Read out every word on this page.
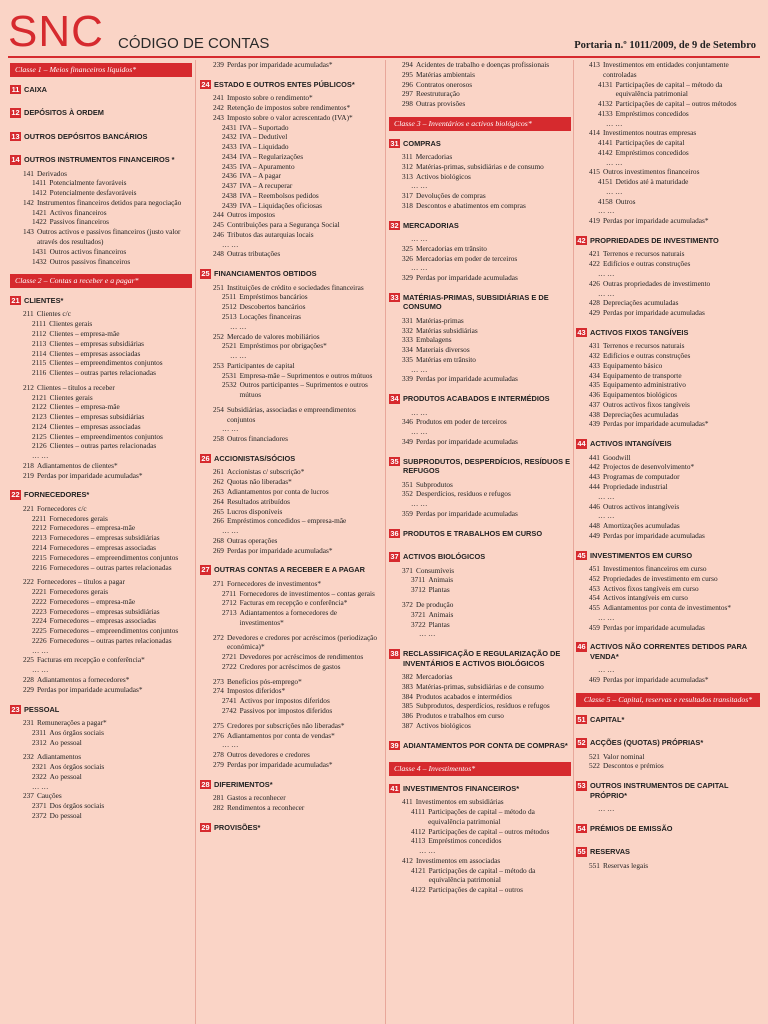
SNC CÓDIGO DE CONTAS	Portaria n.º 1011/2009, de 9 de Setembro
Classe 1 – Meios financeiros líquidos*
11 CAIXA
12 DEPÓSITOS À ORDEM
13 OUTROS DEPÓSITOS BANCÁRIOS
14 OUTROS INSTRUMENTOS FINANCEIROS *
141 Derivados
1411 Potencialmente favoráveis
1412 Potencialmente desfavoráveis
142 Instrumentos financeiros detidos para negociação
1421 Activos financeiros
1422 Passivos financeiros
143 Outros activos e passivos financeiros (justo valor através dos resultados)
1431 Outros activos financeiros
1432 Outros passivos financeiros
Classe 2 – Contas a receber e a pagar*
21 CLIENTES*
211 Clientes c/c
2111 Clientes gerais
2112 Clientes – empresa-mãe
2113 Clientes – empresas subsidiárias
2114 Clientes – empresas associadas
2115 Clientes – empreendimentos conjuntos
2116 Clientes – outras partes relacionadas
212 Clientes – títulos a receber
2121 Clientes gerais
2122 Clientes – empresa-mãe
2123 Clientes – empresas subsidiárias
2124 Clientes – empresas associadas
2125 Clientes – empreendimentos conjuntos
2126 Clientes – outras partes relacionadas
… …
218 Adiantamentos de clientes*
219 Perdas por imparidade acumuladas*
22 FORNECEDORES*
221 Fornecedores c/c
2211 Fornecedores gerais
2212 Fornecedores – empresa-mãe
2213 Fornecedores – empresas subsidiárias
2214 Fornecedores – empresas associadas
2215 Fornecedores – empreendimentos conjuntos
2216 Fornecedores – outras partes relacionadas
222 Fornecedores – títulos a pagar
2221 Fornecedores gerais
2222 Fornecedores – empresa-mãe
2223 Fornecedores – empresas subsidiárias
2224 Fornecedores – empresas associadas
2225 Fornecedores – empreendimentos conjuntos
2226 Fornecedores – outras partes relacionadas
… …
225 Facturas em recepção e conferência*
… …
228 Adiantamentos a fornecedores*
229 Perdas por imparidade acumuladas*
23 PESSOAL
231 Remunerações a pagar*
2311 Aos órgãos sociais
2312 Ao pessoal
232 Adiantamentos
2321 Aos órgãos sociais
2322 Ao pessoal
… …
237 Cauções
2371 Dos órgãos sociais
2372 Do pessoal
239 Perdas por imparidade acumuladas*
24 ESTADO E OUTROS ENTES PÚBLICOS*
241 Imposto sobre o rendimento*
242 Retenção de impostos sobre rendimentos*
243 Imposto sobre o valor acrescentado (IVA)*
2431 IVA – Suportado
2432 IVA – Dedutível
2433 IVA – Liquidado
2434 IVA – Regularizações
2435 IVA – Apuramento
2436 IVA – A pagar
2437 IVA – A recuperar
2438 IVA – Reembolsos pedidos
2439 IVA – Liquidações oficiosas
244 Outros impostos
245 Contribuições para a Segurança Social
246 Tributos das autarquias locais
… …
248 Outras tributações
25 FINANCIAMENTOS OBTIDOS
251 Instituições de crédito e sociedades financeiras
2511 Empréstimos bancários
2512 Descobertos bancários
2513 Locações financeiras
… …
252 Mercado de valores mobiliários
2521 Empréstimos por obrigações*
… …
253 Participantes de capital
2531 Empresa-mãe – Suprimentos e outros mútuos
2532 Outros participantes – Suprimentos e outros mútuos
254 Subsidiárias, associadas e empreendimentos conjuntos
… …
258 Outros financiadores
26 ACCIONISTAS/SÓCIOS
261 Accionistas c/ subscrição*
262 Quotas não liberadas*
263 Adiantamentos por conta de lucros
264 Resultados atribuídos
265 Lucros disponíveis
266 Empréstimos concedidos – empresa-mãe
… …
268 Outras operações
269 Perdas por imparidade acumuladas*
27 OUTRAS CONTAS A RECEBER E A PAGAR
271 Fornecedores de investimentos*
2711 Fornecedores de investimentos – contas gerais
2712 Facturas em recepção e conferência*
2713 Adiantamentos a fornecedores de investimentos*
272 Devedores e credores por acréscimos (periodização económica)*
2721 Devedores por acréscimos de rendimentos
2722 Credores por acréscimos de gastos
273 Benefícios pós-emprego*
274 Impostos diferidos*
2741 Activos por impostos diferidos
2742 Passivos por impostos diferidos
275 Credores por subscrições não liberadas*
276 Adiantamentos por conta de vendas*
… …
278 Outros devedores e credores
279 Perdas por imparidade acumuladas*
28 DIFERIMENTOS*
281 Gastos a reconhecer
282 Rendimentos a reconhecer
29 PROVISÕES*
294 Acidentes de trabalho e doenças profissionais
295 Matérias ambientais
296 Contratos onerosos
297 Reestruturação
298 Outras provisões
Classe 3 – Inventários e activos biológicos*
31 COMPRAS
311 Mercadorias
312 Matérias-primas, subsidiárias e de consumo
313 Activos biológicos
… …
317 Devoluções de compras
318 Descontos e abatimentos em compras
32 MERCADORIAS
… …
325 Mercadorias em trânsito
326 Mercadorias em poder de terceiros
… …
329 Perdas por imparidade acumuladas
33 MATÉRIAS-PRIMAS, SUBSIDIÁRIAS E DE CONSUMO
331 Matérias-primas
332 Matérias subsidiárias
333 Embalagens
334 Materiais diversos
335 Matérias em trânsito
… …
339 Perdas por imparidade acumuladas
34 PRODUTOS ACABADOS E INTERMÉDIOS
… …
346 Produtos em poder de terceiros
… …
349 Perdas por imparidade acumuladas
35 SUBPRODUTOS, DESPERDÍCIOS, RESÍDUOS E REFUGOS
351 Subprodutos
352 Desperdícios, resíduos e refugos
… …
359 Perdas por imparidade acumuladas
36 PRODUTOS E TRABALHOS EM CURSO
37 ACTIVOS BIOLÓGICOS
371 Consumíveis
3711 Animais
3712 Plantas
372 De produção
3721 Animais
3722 Plantas
… …
38 RECLASSIFICAÇÃO E REGULARIZAÇÃO DE INVENTÁRIOS E ACTIVOS BIOLÓGICOS
382 Mercadorias
383 Matérias-primas, subsidiárias e de consumo
384 Produtos acabados e intermédios
385 Subprodutos, desperdícios, resíduos e refugos
386 Produtos e trabalhos em curso
387 Activos biológicos
39 ADIANTAMENTOS POR CONTA DE COMPRAS*
Classe 4 – Investimentos*
41 INVESTIMENTOS FINANCEIROS*
411 Investimentos em subsidiárias
4111 Participações de capital – método da equivalência patrimonial
4112 Participações de capital – outros métodos
4113 Empréstimos concedidos
… …
412 Investimentos em associadas
4121 Participações de capital – método da equivalência patrimonial
4122 Participações de capital – outros
413 Investimentos em entidades conjuntamente controladas
4131 Participações de capital – método da equivalência patrimonial
4132 Participações de capital – outros métodos
4133 Empréstimos concedidos
… …
414 Investimentos noutras empresas
4141 Participações de capital
4142 Empréstimos concedidos
… …
415 Outros investimentos financeiros
4151 Detidos até à maturidade
… …
4158 Outros
… …
419 Perdas por imparidade acumuladas*
42 PROPRIEDADES DE INVESTIMENTO
421 Terrenos e recursos naturais
422 Edifícios e outras construções
… …
426 Outras propriedades de investimento
… …
428 Depreciações acumuladas
429 Perdas por imparidade acumuladas
43 ACTIVOS FIXOS TANGÍVEIS
431 Terrenos e recursos naturais
432 Edifícios e outras construções
433 Equipamento básico
434 Equipamento de transporte
435 Equipamento administrativo
436 Equipamentos biológicos
437 Outros activos fixos tangíveis
438 Depreciações acumuladas
439 Perdas por imparidade acumuladas*
44 ACTIVOS INTANGÍVEIS
441 Goodwill
442 Projectos de desenvolvimento*
443 Programas de computador
444 Propriedade industrial
… …
446 Outros activos intangíveis
… …
448 Amortizações acumuladas
449 Perdas por imparidade acumuladas
45 INVESTIMENTOS EM CURSO
451 Investimentos financeiros em curso
452 Propriedades de investimento em curso
453 Activos fixos tangíveis em curso
454 Activos intangíveis em curso
455 Adiantamentos por conta de investimentos*
… …
459 Perdas por imparidade acumuladas
46 ACTIVOS NÃO CORRENTES DETIDOS PARA VENDA*
… …
469 Perdas por imparidade acumuladas*
Classe 5 – Capital, reservas e resultados transitados*
51 CAPITAL*
52 ACÇÕES (QUOTAS) PRÓPRIAS*
521 Valor nominal
522 Descontos e prémios
53 OUTROS INSTRUMENTOS DE CAPITAL PRÓPRIO*
… …
54 PRÉMIOS DE EMISSÃO
55 RESERVAS
551 Reservas legais
